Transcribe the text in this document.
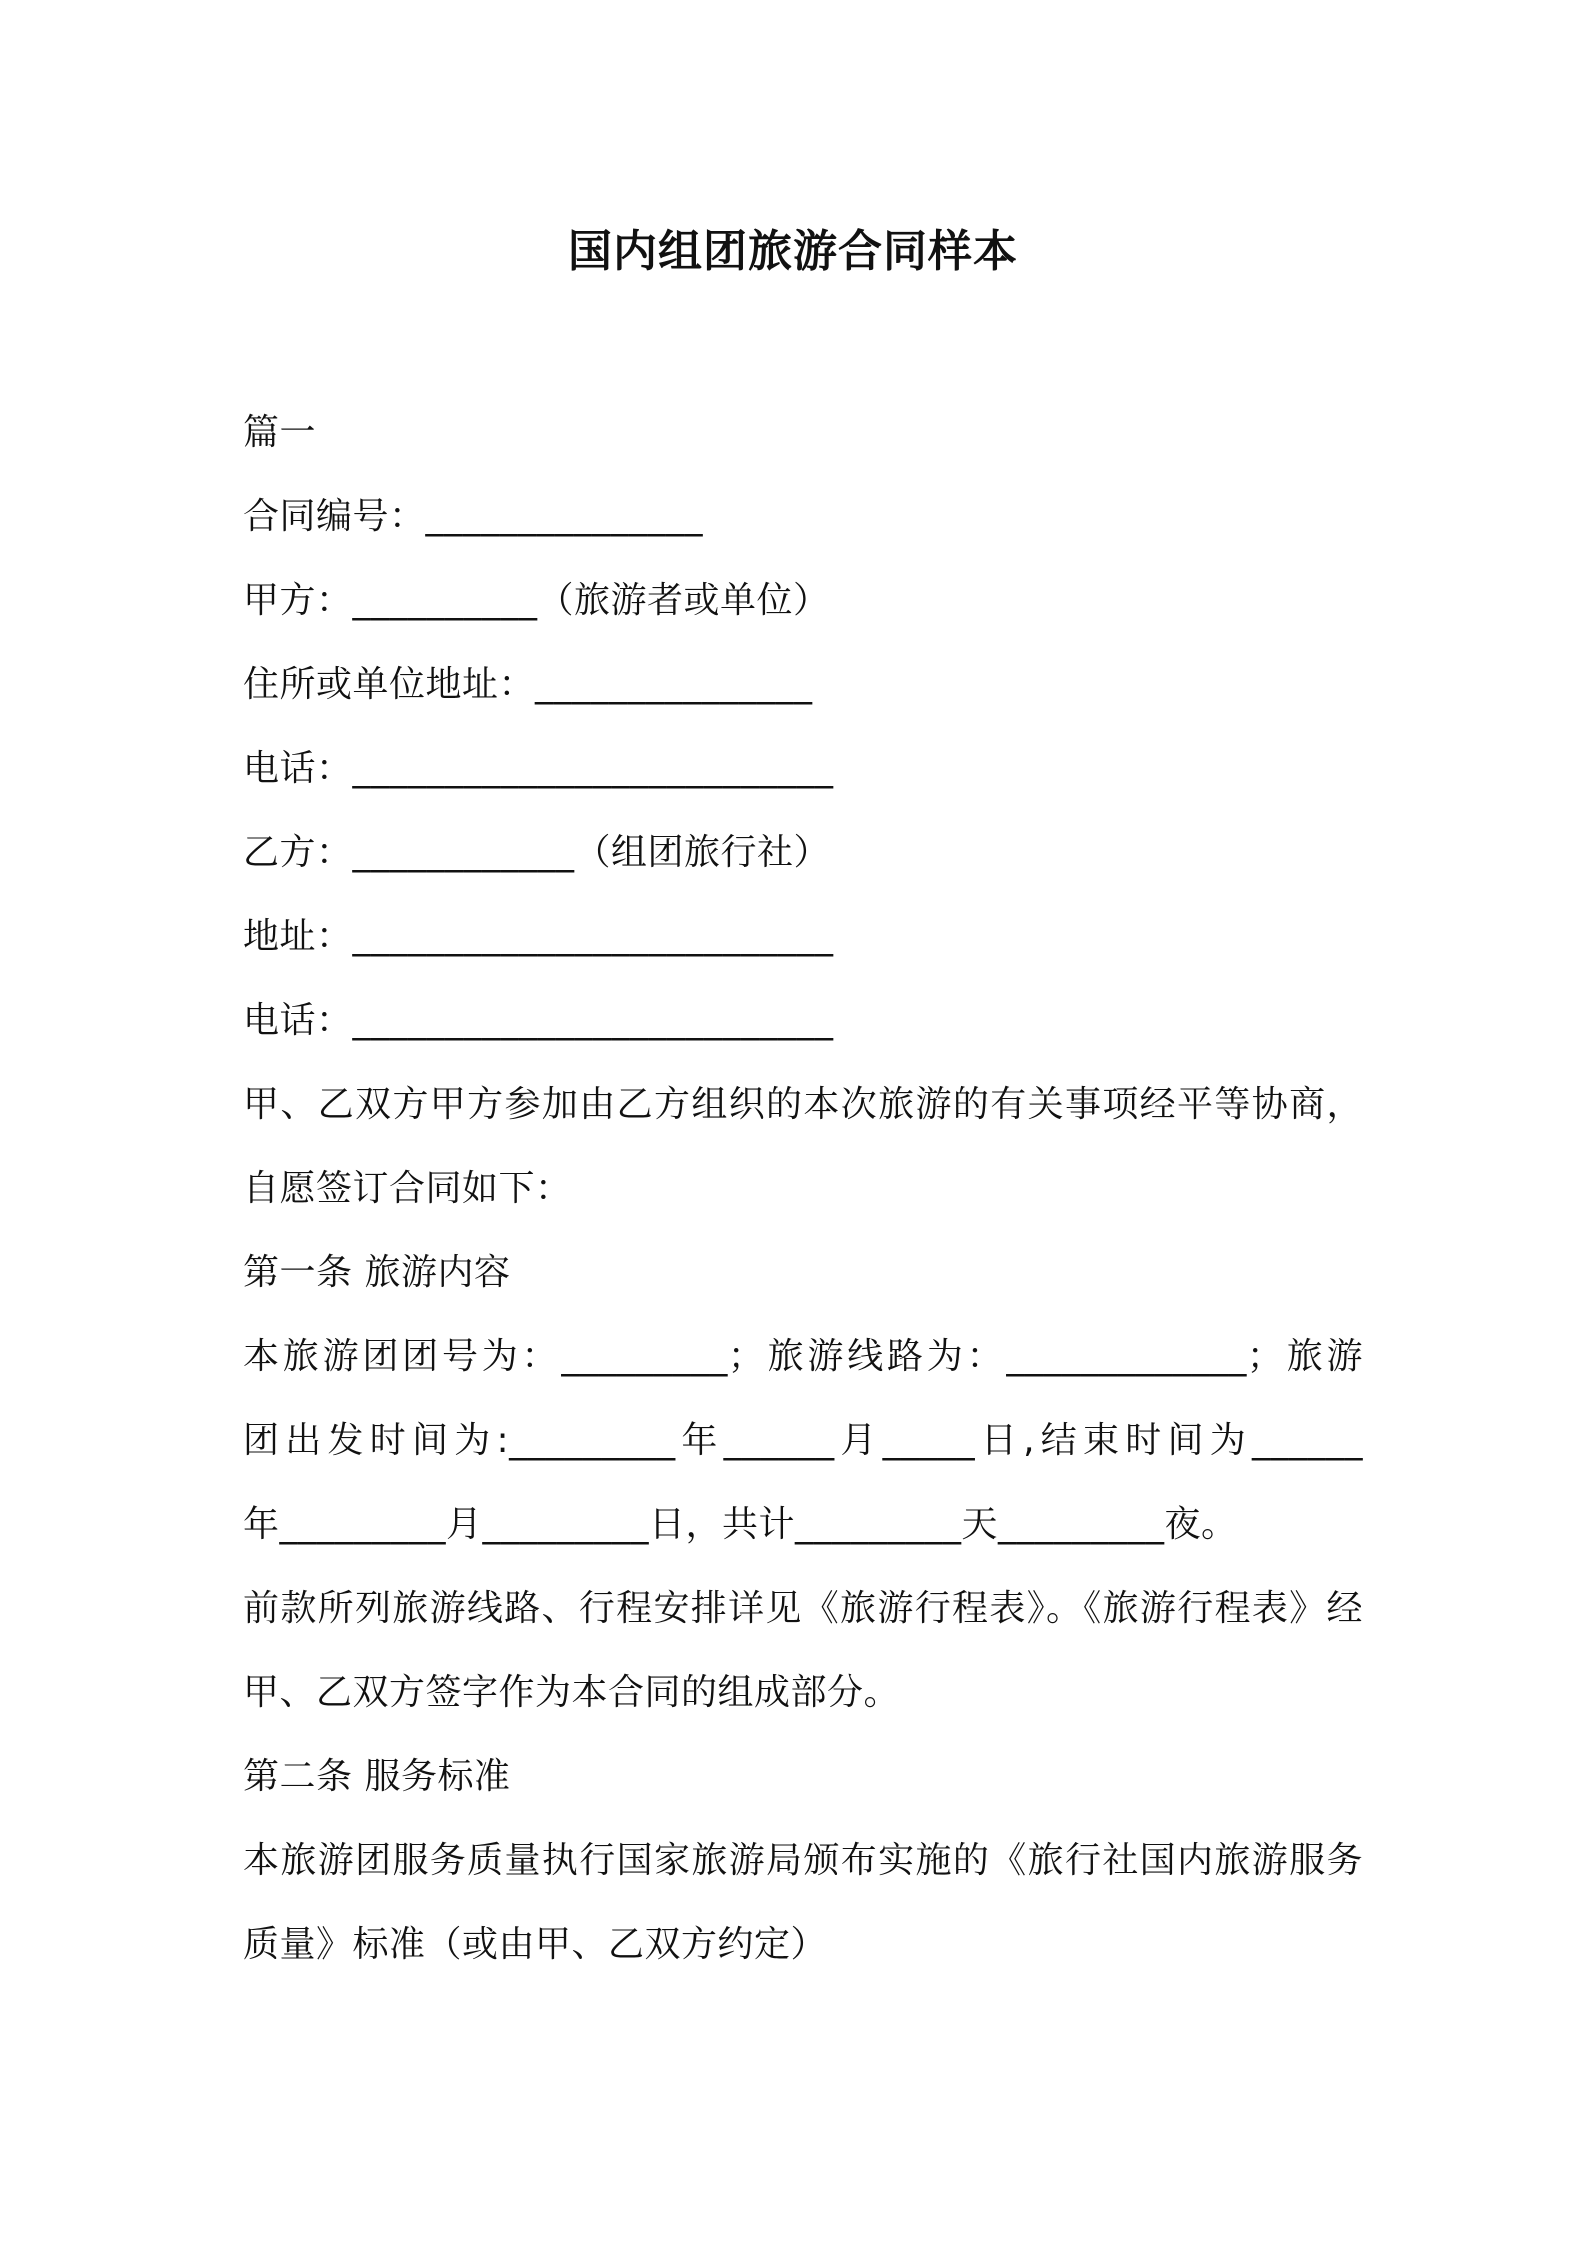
国内组团旅游合同样本
篇一
合同编号：_______________
甲方：__________（旅游者或单位）
住所或单位地址：_______________
电话：__________________________
乙方：____________（组团旅行社）
地址：__________________________
电话：__________________________
甲、乙双方甲方参加由乙方组织的本次旅游的有关事项经平等协商，
自愿签订合同如下：
第一条 旅游内容
本旅游团团号为：_________；旅游线路为：_____________；旅游
团出发时间为:_________年______月_____日,结束时间为______
年_________月_________日，共计_________天_________夜。
前款所列旅游线路、行程安排详见《旅游行程表》。《旅游行程表》经
甲、乙双方签字作为本合同的组成部分。
第二条 服务标准
本旅游团服务质量执行国家旅游局颁布实施的《旅行社国内旅游服务
质量》标准（或由甲、乙双方约定）
